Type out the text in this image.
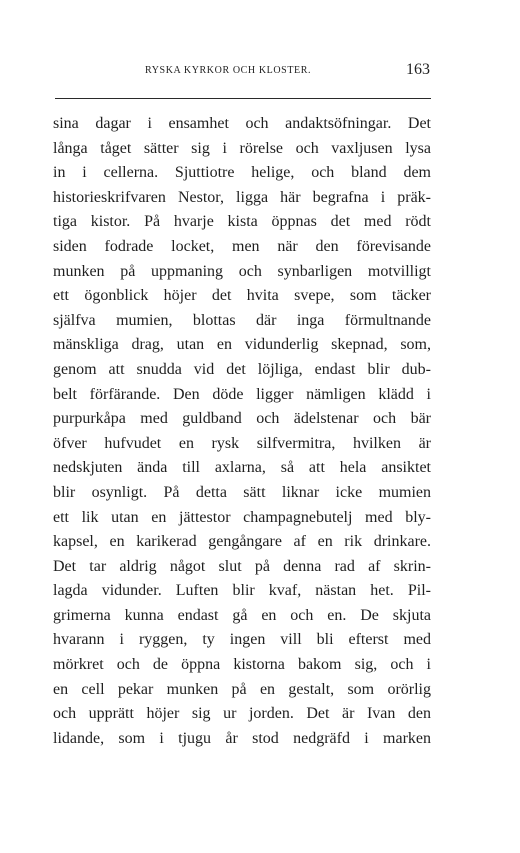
RYSKA KYRKOR OCH KLOSTER.	163
sina dagar i ensamhet och andaktsöfningar. Det
långa tåget sätter sig i rörelse och vaxljusen lysa
in i cellerna. Sjuttiotre helige, och bland dem
historieskrifvaren Nestor, ligga här begrafna i präk-
tiga kistor. På hvarje kista öppnas det med rödt
siden fodrade locket, men när den förevisande
munken på uppmaning och synbarligen motvilligt
ett ögonblick höjer det hvita svepe, som täcker
själfva mumien, blottas där inga förmultnande
mänskliga drag, utan en vidunderlig skepnad, som,
genom att snudda vid det löjliga, endast blir dub-
belt förfärande. Den döde ligger nämligen klädd i
purpurkåpa med guldband och ädelstenar och bär
öfver hufvudet en rysk silfvermitra, hvilken är
nedskjuten ända till axlarna, så att hela ansiktet
blir osynligt. På detta sätt liknar icke mumien
ett lik utan en jättestor champagnebutelj med bly-
kapsel, en karikerad gengångare af en rik drinkare.
Det tar aldrig något slut på denna rad af skrin-
lagda vidunder. Luften blir kvaf, nästan het. Pil-
grimerna kunna endast gå en och en. De skjuta
hvarann i ryggen, ty ingen vill bli efterst med
mörkret och de öppna kistorna bakom sig, och i
en cell pekar munken på en gestalt, som orörlig
och upprätt höjer sig ur jorden. Det är Ivan den
lidande, som i tjugu år stod nedgräfd i marken
